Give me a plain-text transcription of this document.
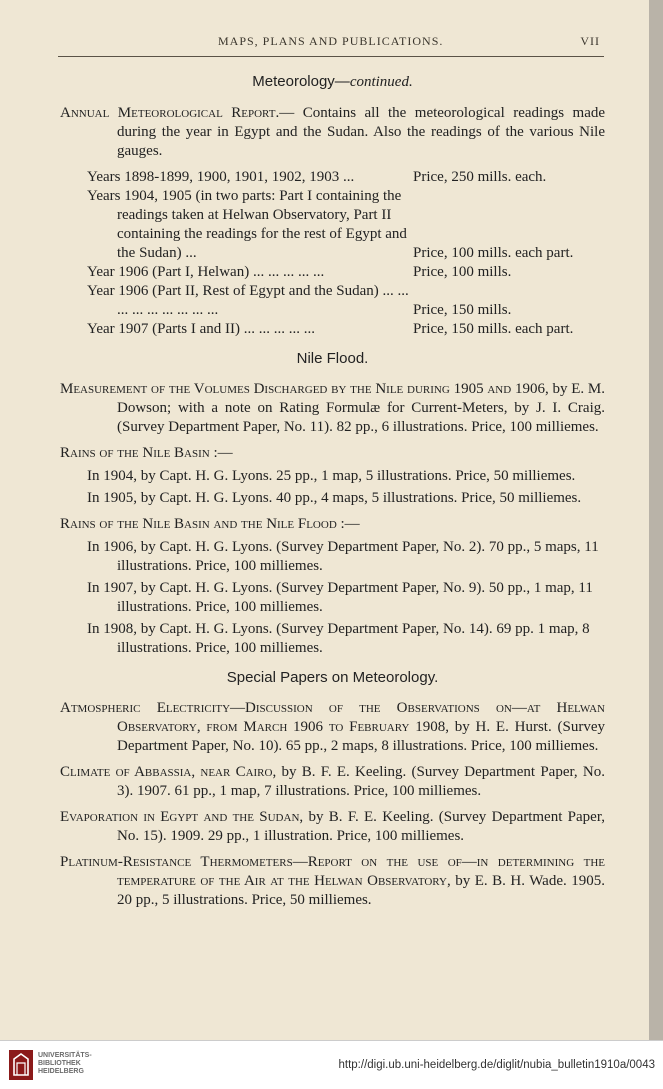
MAPS, PLANS AND PUBLICATIONS.	VII
Meteorology—continued.

Annual Meteorological Report.— Contains all the meteorological readings made during the year in Egypt and the Sudan. Also the readings of the various Nile gauges.

Years 1898-1899, 1900, 1901, 1902, 1903 ...	Price, 250 mills. each.
Years 1904, 1905 (in two parts: Part I containing the readings taken at Helwan Observatory, Part II containing the readings for the rest of Egypt and the Sudan) ...	Price, 100 mills. each part.
Year 1906 (Part I, Helwan) ... ... ... ... ...	Price, 100 mills.
Year 1906 (Part II, Rest of Egypt and the Sudan) ... ... ... ... ... ... ... ... ...	Price, 150 mills.
Year 1907 (Parts I and II) ... ... ... ... ...	Price, 150 mills. each part.
Nile Flood.

Measurement of the Volumes Discharged by the Nile during 1905 and 1906, by E. M. Dowson; with a note on Rating Formulæ for Current-Meters, by J. I. Craig. (Survey Department Paper, No. 11). 82 pp., 6 illustrations. Price, 100 milliemes.

Rains of the Nile Basin :—

In 1904, by Capt. H. G. Lyons. 25 pp., 1 map, 5 illustrations. Price, 50 milliemes.

In 1905, by Capt. H. G. Lyons. 40 pp., 4 maps, 5 illustrations. Price, 50 milliemes.

Rains of the Nile Basin and the Nile Flood :—

In 1906, by Capt. H. G. Lyons. (Survey Department Paper, No. 2). 70 pp., 5 maps, 11 illustrations. Price, 100 milliemes.

In 1907, by Capt. H. G. Lyons. (Survey Department Paper, No. 9). 50 pp., 1 map, 11 illustrations. Price, 100 milliemes.

In 1908, by Capt. H. G. Lyons. (Survey Department Paper, No. 14). 69 pp. 1 map, 8 illustrations. Price, 100 milliemes.

Special Papers on Meteorology.

Atmospheric Electricity—Discussion of the Observations on—at Helwan Observatory, from March 1906 to February 1908, by H. E. Hurst. (Survey Department Paper, No. 10). 65 pp., 2 maps, 8 illustrations. Price, 100 milliemes.

Climate of Abbassia, near Cairo, by B. F. E. Keeling. (Survey Department Paper, No. 3). 1907. 61 pp., 1 map, 7 illustrations. Price, 100 milliemes.

Evaporation in Egypt and the Sudan, by B. F. E. Keeling. (Survey Department Paper, No. 15). 1909. 29 pp., 1 illustration. Price, 100 milliemes.

Platinum-Resistance Thermometers—Report on the use of—in determining the temperature of the Air at the Helwan Observatory, by E. B. H. Wade. 1905. 20 pp., 5 illustrations. Price, 50 milliemes.

UNIVERSITÄTS-
BIBLIOTHEK
HEIDELBERG
http://digi.ub.uni-heidelberg.de/diglit/nubia_bulletin1910a/0043
